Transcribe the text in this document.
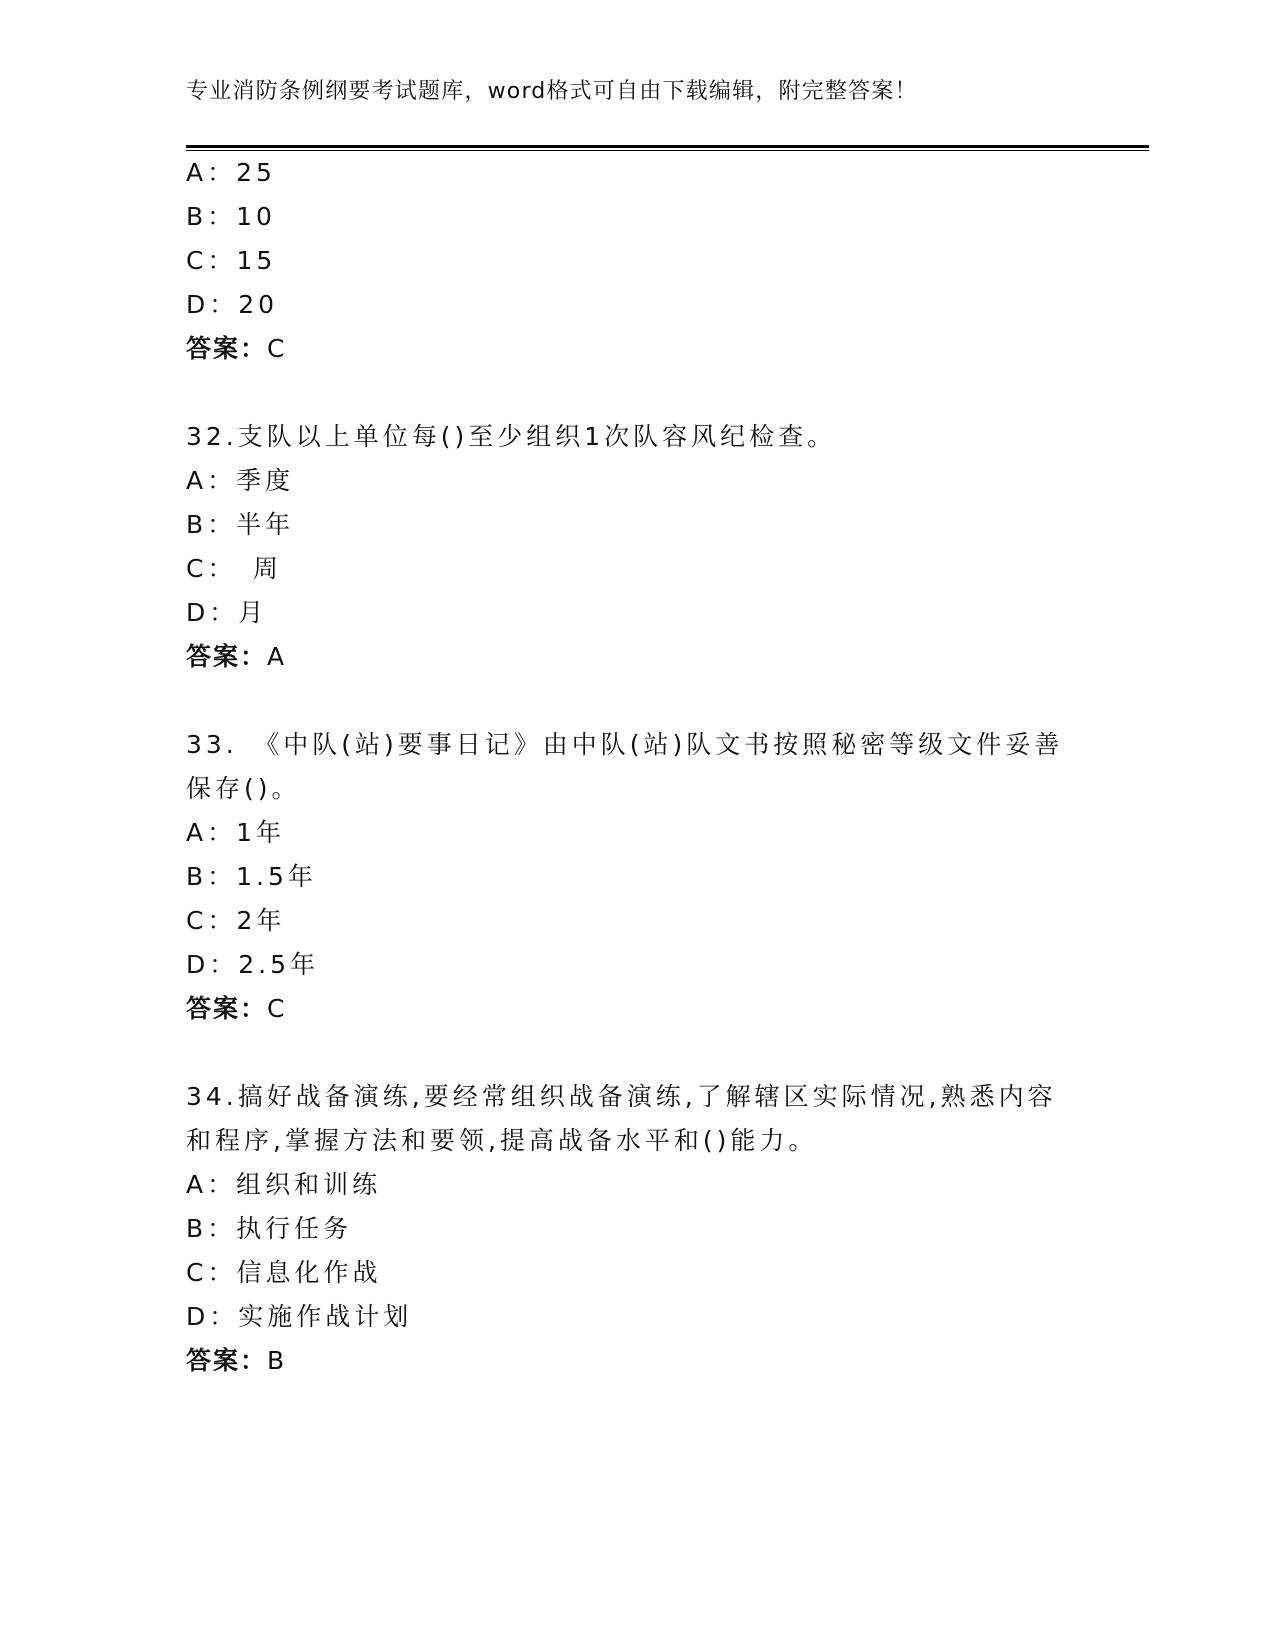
专业消防条例纲要考试题库，word格式可自由下载编辑，附完整答案！
A：25
B：10
C：15
D：20
答案：C
32.支队以上单位每()至少组织1次队容风纪检查。
A：季度
B：半年
C：　周
D：月
答案：A
33.　《中队(站)要事日记》由中队(站)队文书按照秘密等级文件妥善
保存()。
A：1年
B：1.5年
C：2年
D：2.5年
答案：C
34.搞好战备演练,要经常组织战备演练,了解辖区实际情况,熟悉内容
和程序,掌握方法和要领,提高战备水平和()能力。
A：组织和训练
B：执行任务
C：信息化作战
D：实施作战计划
答案：B
